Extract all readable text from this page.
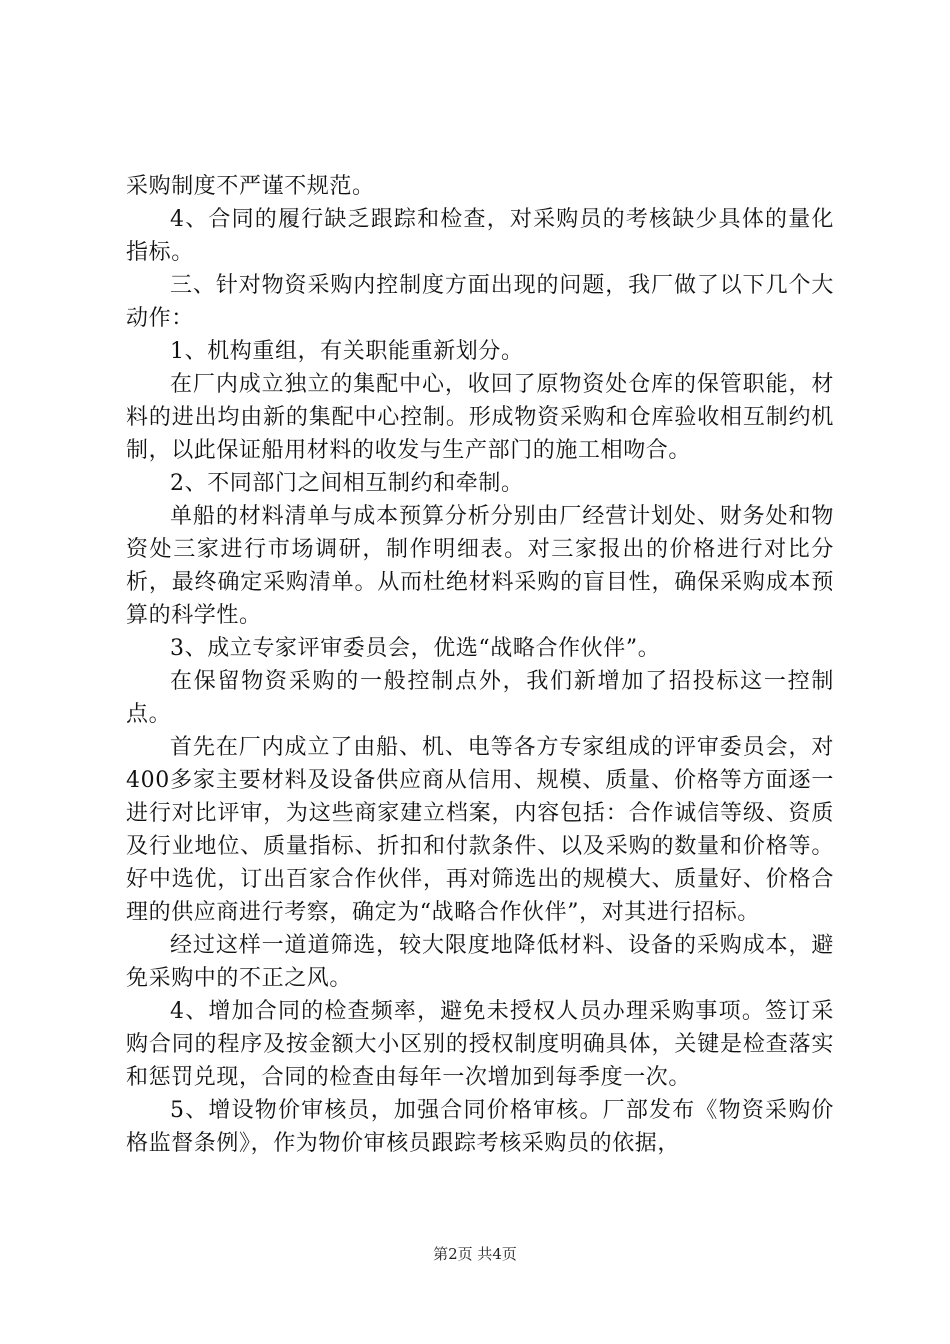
采购制度不严谨不规范。

4、合同的履行缺乏跟踪和检查，对采购员的考核缺少具体的量化指标。

三、针对物资采购内控制度方面出现的问题，我厂做了以下几个大动作：

1、机构重组，有关职能重新划分。

在厂内成立独立的集配中心，收回了原物资处仓库的保管职能，材料的进出均由新的集配中心控制。形成物资采购和仓库验收相互制约机制，以此保证船用材料的收发与生产部门的施工相吻合。

2、不同部门之间相互制约和牵制。

单船的材料清单与成本预算分析分别由厂经营计划处、财务处和物资处三家进行市场调研，制作明细表。对三家报出的价格进行对比分析，最终确定采购清单。从而杜绝材料采购的盲目性，确保采购成本预算的科学性。

3、成立专家评审委员会，优选“战略合作伙伴”。

在保留物资采购的一般控制点外，我们新增加了招投标这一控制点。

首先在厂内成立了由船、机、电等各方专家组成的评审委员会，对400多家主要材料及设备供应商从信用、规模、质量、价格等方面逐一进行对比评审，为这些商家建立档案，内容包括：合作诚信等级、资质及行业地位、质量指标、折扣和付款条件、以及采购的数量和价格等。好中选优，订出百家合作伙伴，再对筛选出的规模大、质量好、价格合理的供应商进行考察，确定为“战略合作伙伴”，对其进行招标。

经过这样一道道筛选，较大限度地降低材料、设备的采购成本，避免采购中的不正之风。

4、增加合同的检查频率，避免未授权人员办理采购事项。签订采购合同的程序及按金额大小区别的授权制度明确具体，关键是检查落实和惩罚兑现，合同的检查由每年一次增加到每季度一次。

5、增设物价审核员，加强合同价格审核。厂部发布《物资采购价格监督条例》，作为物价审核员跟踪考核采购员的依据，

第2页 共4页
